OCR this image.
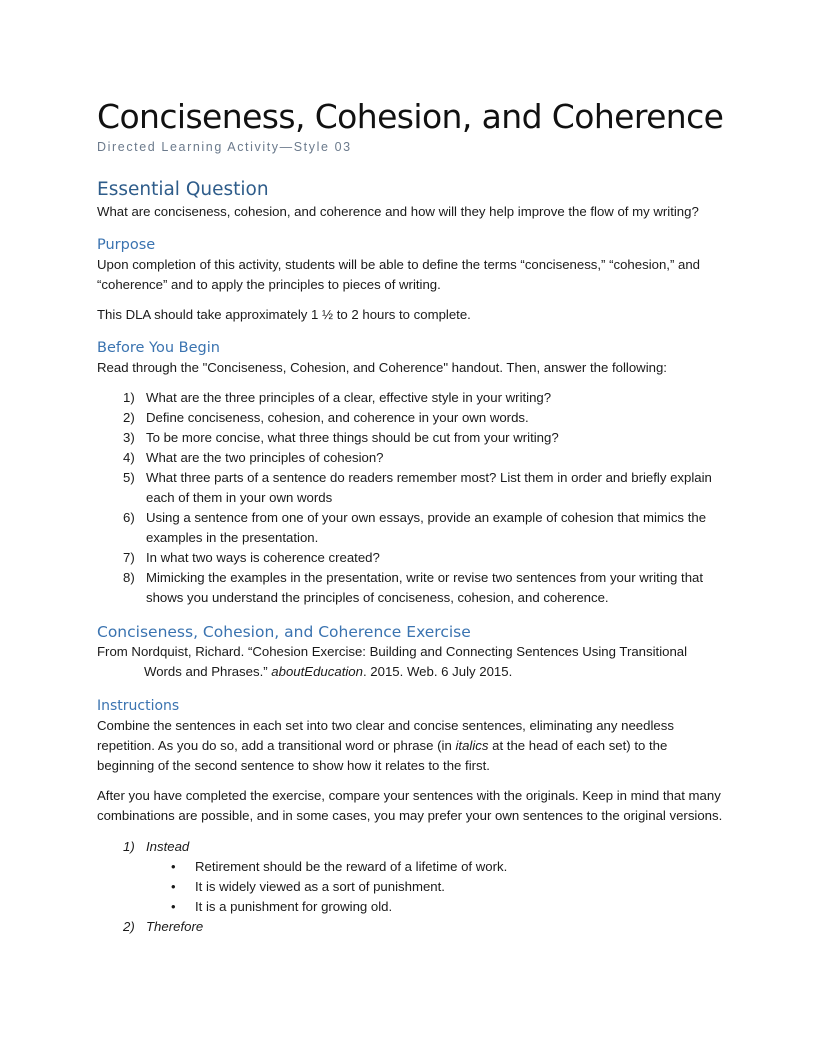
Conciseness, Cohesion, and Coherence
Directed Learning Activity—Style 03
Essential Question

What are conciseness, cohesion, and coherence and how will they help improve the flow of my writing?

Purpose

Upon completion of this activity, students will be able to define the terms “conciseness,” “cohesion,” and “coherence” and to apply the principles to pieces of writing.

This DLA should take approximately 1 ½ to 2 hours to complete.

Before You Begin

Read through the "Conciseness, Cohesion, and Coherence" handout. Then, answer the following:

1) What are the three principles of a clear, effective style in your writing?
2) Define conciseness, cohesion, and coherence in your own words.
3) To be more concise, what three things should be cut from your writing?
4) What are the two principles of cohesion?
5) What three parts of a sentence do readers remember most? List them in order and briefly explain each of them in your own words
6) Using a sentence from one of your own essays, provide an example of cohesion that mimics the examples in the presentation.
7) In what two ways is coherence created?
8) Mimicking the examples in the presentation, write or revise two sentences from your writing that shows you understand the principles of conciseness, cohesion, and coherence.
Conciseness, Cohesion, and Coherence Exercise

From Nordquist, Richard. “Cohesion Exercise: Building and Connecting Sentences Using Transitional Words and Phrases.” aboutEducation. 2015. Web. 6 July 2015.

Instructions

Combine the sentences in each set into two clear and concise sentences, eliminating any needless repetition. As you do so, add a transitional word or phrase (in italics at the head of each set) to the beginning of the second sentence to show how it relates to the first.

After you have completed the exercise, compare your sentences with the originals. Keep in mind that many combinations are possible, and in some cases, you may prefer your own sentences to the original versions.

1) Instead
• Retirement should be the reward of a lifetime of work.
• It is widely viewed as a sort of punishment.
• It is a punishment for growing old.
2) Therefore
